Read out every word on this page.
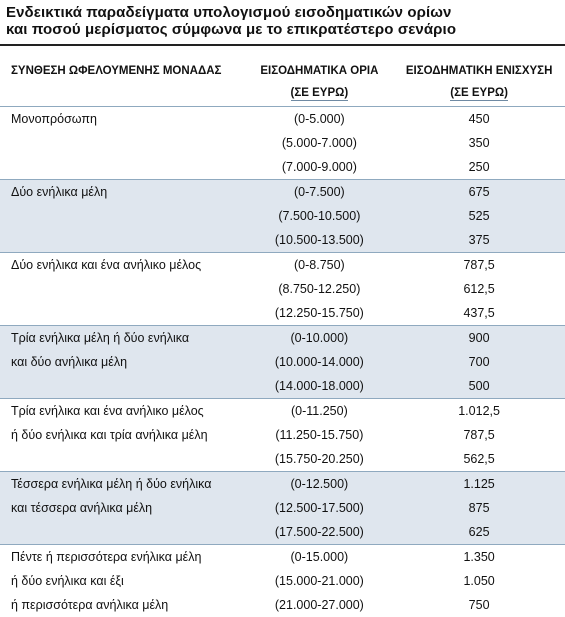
Ενδεικτικά παραδείγματα υπολογισμού εισοδηματικών ορίων
και ποσού μερίσματος σύμφωνα με το επικρατέστερο σενάριο
ΣΥΝΘΕΣΗ ΩΦΕΛΟΥΜΕΝΗΣ ΜΟΝΑΔΑΣ	ΕΙΣΟΔΗΜΑΤΙΚΑ ΟΡΙΑ	ΕΙΣΟΔΗΜΑΤΙΚΗ ΕΝΙΣΧΥΣΗ
	(ΣΕ ΕΥΡΩ)	(ΣΕ ΕΥΡΩ)
Μονοπρόσωπη	(0-5.000)	450
	(5.000-7.000)	350
	(7.000-9.000)	250
Δύο ενήλικα μέλη	(0-7.500)	675
	(7.500-10.500)	525
	(10.500-13.500)	375
Δύο ενήλικα και ένα ανήλικο μέλος	(0-8.750)	787,5
	(8.750-12.250)	612,5
	(12.250-15.750)	437,5
Τρία ενήλικα μέλη ή δύο ενήλικα	(0-10.000)	900
και δύο ανήλικα μέλη	(10.000-14.000)	700
	(14.000-18.000)	500
Τρία ενήλικα και ένα ανήλικο μέλος	(0-11.250)	1.012,5
ή δύο ενήλικα και τρία ανήλικα μέλη	(11.250-15.750)	787,5
	(15.750-20.250)	562,5
Τέσσερα ενήλικα μέλη ή δύο ενήλικα	(0-12.500)	1.125
και τέσσερα ανήλικα μέλη	(12.500-17.500)	875
	(17.500-22.500)	625
Πέντε ή περισσότερα ενήλικα μέλη	(0-15.000)	1.350
ή δύο ενήλικα και έξι	(15.000-21.000)	1.050
ή περισσότερα ανήλικα μέλη	(21.000-27.000)	750
